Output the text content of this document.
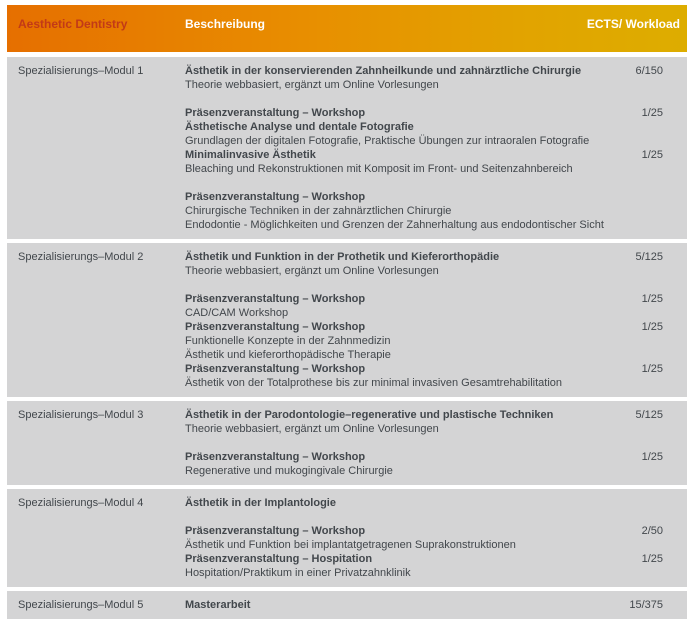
Aesthetic Dentistry	Beschreibung	ECTS/ Workload
Spezialisierungs–Modul 1	Ästhetik in der konservierenden Zahnheilkunde und zahnärztliche Chirurgie	6/150
Theorie webbasiert, ergänzt um Online Vorlesungen
Präsenzveranstaltung – Workshop	1/25
Ästhetische Analyse und dentale Fotografie
Grundlagen der digitalen Fotografie, Praktische Übungen zur intraoralen Fotografie
Minimalinvasive Ästhetik	1/25
Bleaching und Rekonstruktionen mit Komposit im Front- und Seitenzahnbereich
Präsenzveranstaltung – Workshop
Chirurgische Techniken in der zahnärztlichen Chirurgie
Endodontie - Möglichkeiten und Grenzen der Zahnerhaltung aus endodontischer Sicht
Spezialisierungs–Modul 2	Ästhetik und Funktion in der Prothetik und Kieferorthopädie	5/125
Theorie webbasiert, ergänzt um Online Vorlesungen
Präsenzveranstaltung – Workshop	1/25
CAD/CAM Workshop
Präsenzveranstaltung – Workshop	1/25
Funktionelle Konzepte in der Zahnmedizin
Ästhetik und kieferorthopädische Therapie
Präsenzveranstaltung – Workshop	1/25
Ästhetik von der Totalprothese bis zur minimal invasiven Gesamtrehabilitation
Spezialisierungs–Modul 3	Ästhetik in der Parodontologie–regenerative und plastische Techniken	5/125
Theorie webbasiert, ergänzt um Online Vorlesungen
Präsenzveranstaltung – Workshop	1/25
Regenerative und mukogingivale Chirurgie
Spezialisierungs–Modul 4	Ästhetik in der Implantologie
Präsenzveranstaltung – Workshop	2/50
Ästhetik und Funktion bei implantatgetragenen Suprakonstruktionen
Präsenzveranstaltung – Hospitation	1/25
Hospitation/Praktikum in einer Privatzahnklinik
Spezialisierungs–Modul 5	Masterarbeit	15/375
